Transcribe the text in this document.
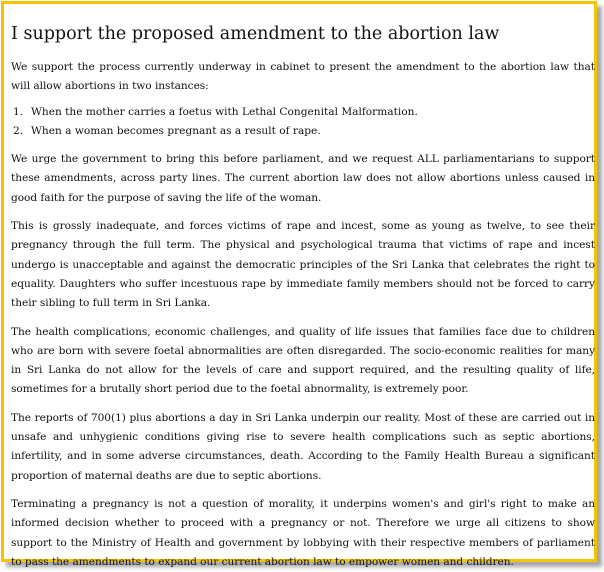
I support the proposed amendment to the abortion law

We support the process currently underway in cabinet to present the amendment to the abortion law that will allow abortions in two instances:

1. When the mother carries a foetus with Lethal Congenital Malformation.
2. When a woman becomes pregnant as a result of rape.

We urge the government to bring this before parliament, and we request ALL parliamentarians to support these amendments, across party lines. The current abortion law does not allow abortions unless caused in good faith for the purpose of saving the life of the woman.

This is grossly inadequate, and forces victims of rape and incest, some as young as twelve, to see their pregnancy through the full term. The physical and psychological trauma that victims of rape and incest undergo is unacceptable and against the democratic principles of the Sri Lanka that celebrates the right to equality. Daughters who suffer incestuous rape by immediate family members should not be forced to carry their sibling to full term in Sri Lanka.

The health complications, economic challenges, and quality of life issues that families face due to children who are born with severe foetal abnormalities are often disregarded. The socio-economic realities for many in Sri Lanka do not allow for the levels of care and support required, and the resulting quality of life, sometimes for a brutally short period due to the foetal abnormality, is extremely poor.

The reports of 700(1) plus abortions a day in Sri Lanka underpin our reality. Most of these are carried out in unsafe and unhygienic conditions giving rise to severe health complications such as septic abortions, infertility, and in some adverse circumstances, death. According to the Family Health Bureau a significant proportion of maternal deaths are due to septic abortions.

Terminating a pregnancy is not a question of morality, it underpins women's and girl's right to make an informed decision whether to proceed with a pregnancy or not. Therefore we urge all citizens to show support to the Ministry of Health and government by lobbying with their respective members of parliament to pass the amendments to expand our current abortion law to empower women and children.
